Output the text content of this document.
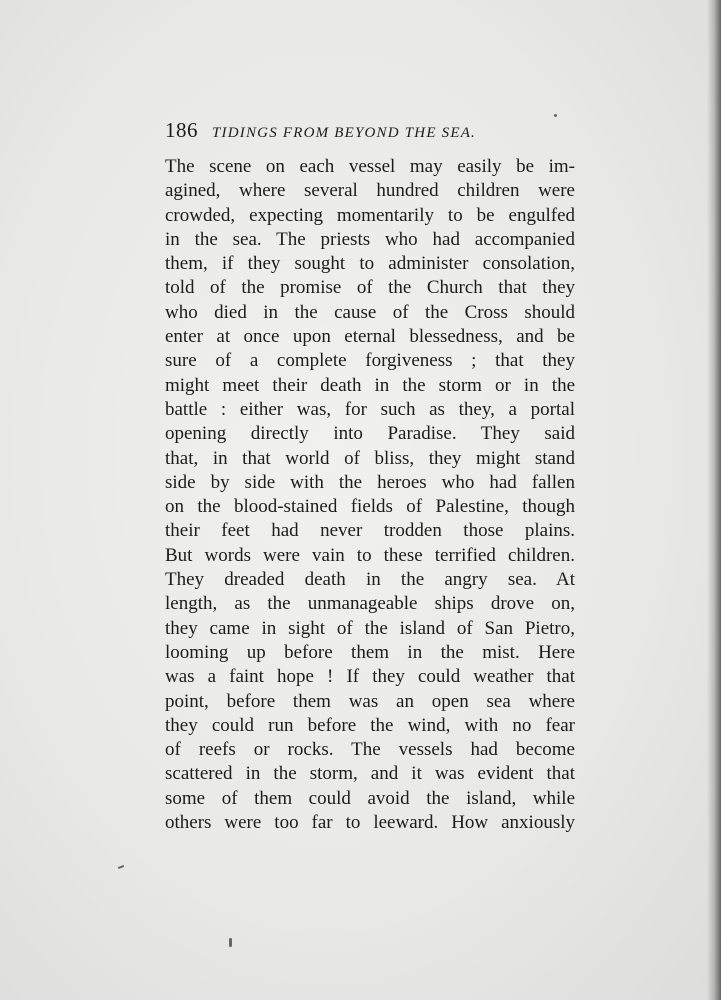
186 TIDINGS FROM BEYOND THE SEA.
The scene on each vessel may easily be im-
agined, where several hundred children were
crowded, expecting momentarily to be engulfed
in the sea. The priests who had accompanied
them, if they sought to administer consolation,
told of the promise of the Church that they
who died in the cause of the Cross should
enter at once upon eternal blessedness, and be
sure of a complete forgiveness ; that they
might meet their death in the storm or in the
battle : either was, for such as they, a portal
opening directly into Paradise. They said
that, in that world of bliss, they might stand
side by side with the heroes who had fallen
on the blood-stained fields of Palestine, though
their feet had never trodden those plains.
But words were vain to these terrified children.
They dreaded death in the angry sea. At
length, as the unmanageable ships drove on,
they came in sight of the island of San Pietro,
looming up before them in the mist. Here
was a faint hope ! If they could weather that
point, before them was an open sea where
they could run before the wind, with no fear
of reefs or rocks. The vessels had become
scattered in the storm, and it was evident that
some of them could avoid the island, while
others were too far to leeward. How anxiously
